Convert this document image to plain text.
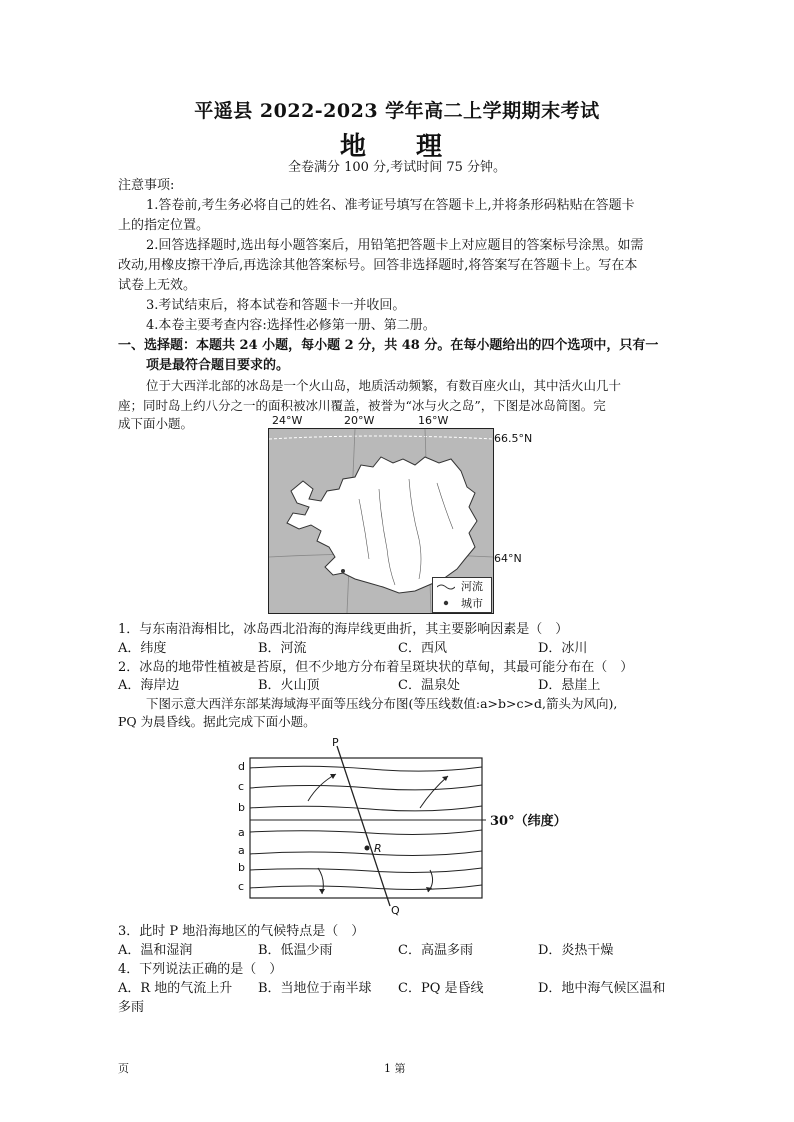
平遥县 2022-2023 学年高二上学期期末考试
地　理
全卷满分 100 分,考试时间 75 分钟。
注意事项:
1.答卷前,考生务必将自己的姓名、准考证号填写在答题卡上,并将条形码粘贴在答题卡
上的指定位置。
2.回答选择题时,选出每小题答案后，用铅笔把答题卡上对应题目的答案标号涂黑。如需
改动,用橡皮擦干净后,再选涂其他答案标号。回答非选择题时,将答案写在答题卡上。写在本
试卷上无效。
3.考试结束后，将本试卷和答题卡一并收回。
4.本卷主要考查内容:选择性必修第一册、第二册。
一、选择题：本题共 24 小题，每小题 2 分，共 48 分。在每小题给出的四个选项中，只有一
项是最符合题目要求的。
位于大西洋北部的冰岛是一个火山岛，地质活动频繁，有数百座火山，其中活火山几十
座；同时岛上约八分之一的面积被冰川覆盖，被誉为“冰与火之岛”，下图是冰岛简图。完
成下面小题。	24°W	20°W	16°W
66.5°N
64°N
河流
城市
1．与东南沿海相比，冰岛西北沿海的海岸线更曲折，其主要影响因素是（　）
A．纬度	B．河流	C．西风	D．冰川
2．冰岛的地带性植被是苔原，但不少地方分布着呈斑块状的草甸，其最可能分布在（　）
A．海岸边	B．火山顶	C．温泉处	D．悬崖上
下图示意大西洋东部某海域海平面等压线分布图(等压线数值:a>b>c>d,箭头为风向),
PQ 为晨昏线。据此完成下面小题。
d
c
b
a
a
b
c
P
Q
R
30°（纬度）
3．此时 P 地沿海地区的气候特点是（　）
A．温和湿润	B．低温少雨	C．高温多雨	D．炎热干燥
4．下列说法正确的是（　）
A．R 地的气流上升 B．当地位于南半球 C．PQ 是昏线	D．地中海气候区温和
多雨
页	1 第
